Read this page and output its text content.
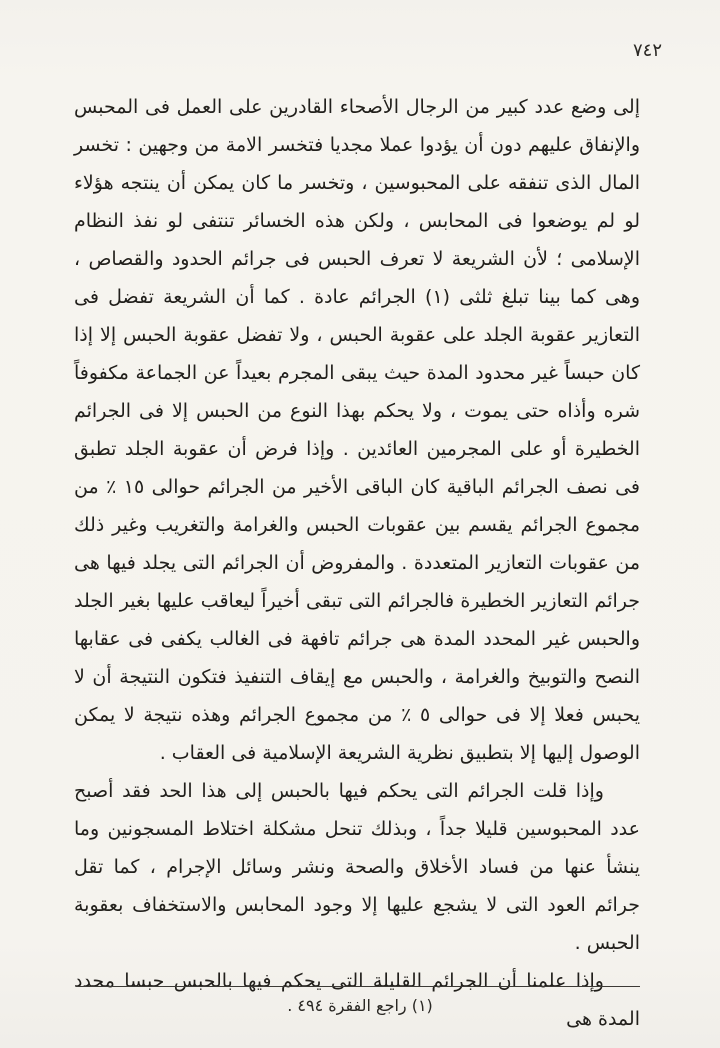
٧٤٢

إلى وضع عدد كبير من الرجال الأصحاء القادرين على العمل فى المحبس والإنفاق عليهم دون أن يؤدوا عملا مجديا فتخسر الامة من وجهين : تخسر المال الذى تنفقه على المحبوسين ، وتخسر ما كان يمكن أن ينتجه هؤلاء لو لم يوضعوا فى المحابس ، ولكن هذه الخسائر تنتفى لو نفذ النظام الإسلامى ؛ لأن الشريعة لا تعرف الحبس فى جرائم الحدود والقصاص ، وهى كما بينا تبلغ ثلثى (١) الجرائم عادة . كما أن الشريعة تفضل فى التعازير عقوبة الجلد على عقوبة الحبس ، ولا تفضل عقوبة الحبس إلا إذا كان حبساً غير محدود المدة حيث يبقى المجرم بعيداً عن الجماعة مكفوفاً شره وأذاه حتى يموت ، ولا يحكم بهذا النوع من الحبس إلا فى الجرائم الخطيرة أو على المجرمين العائدين . وإذا فرض أن عقوبة الجلد تطبق فى نصف الجرائم الباقية كان الباقى الأخير من الجرائم حوالى ١٥ ٪ من مجموع الجرائم يقسم بين عقوبات الحبس والغرامة والتغريب وغير ذلك من عقوبات التعازير المتعددة . والمفروض أن الجرائم التى يجلد فيها هى جرائم التعازير الخطيرة فالجرائم التى تبقى أخيراً ليعاقب عليها بغير الجلد والحبس غير المحدد المدة هى جرائم تافهة فى الغالب يكفى فى عقابها النصح والتوبيخ والغرامة ، والحبس مع إيقاف التنفيذ فتكون النتيجة أن لا يحبس فعلا إلا فى حوالى ٥ ٪ من مجموع الجرائم وهذه نتيجة لا يمكن الوصول إليها إلا بتطبيق نظرية الشريعة الإسلامية فى العقاب .

وإذا قلت الجرائم التى يحكم فيها بالحبس إلى هذا الحد فقد أصبح عدد المحبوسين قليلا جداً ، وبذلك تنحل مشكلة اختلاط المسجونين وما ينشأ عنها من فساد الأخلاق والصحة ونشر وسائل الإجرام ، كما تقل جرائم العود التى لا يشجع عليها إلا وجود المحابس والاستخفاف بعقوبة الحبس .

وإذا علمنا أن الجرائم القليلة التى يحكم فيها بالحبس حبسا محدد المدة هى

(١) راجع الفقرة ٤٩٤ .
